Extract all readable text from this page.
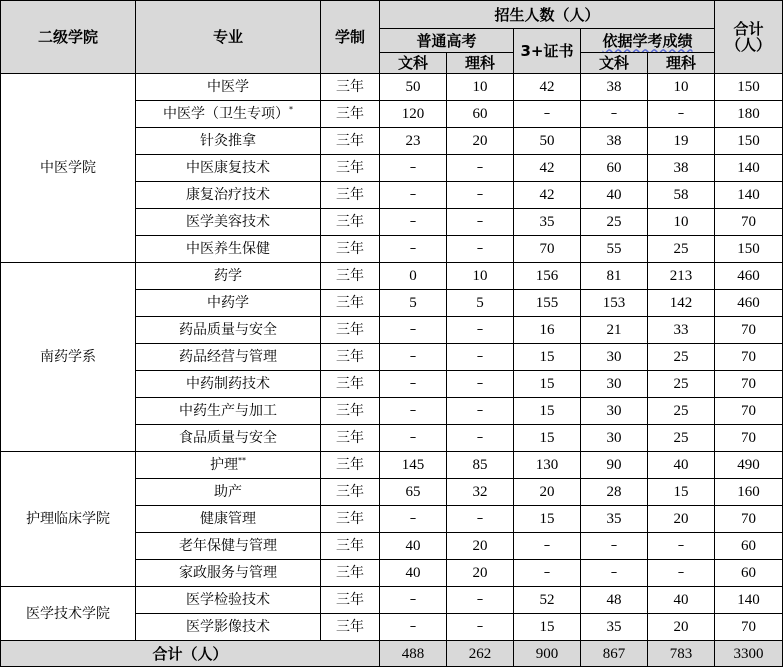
二级学院	专业	学制	招生人数（人）					合计
（人）

			普通高考		3+证书	依据学考成绩		
			文科	理科		文科	理科	
中医学院	中医学	三年	50	10	42	38	10	150
	中医学（卫生专项）*	三年	120	60	–	–	–	180
	针灸推拿	三年	23	20	50	38	19	150
	中医康复技术	三年	–	–	42	60	38	140
	康复治疗技术	三年	–	–	42	40	58	140
	医学美容技术	三年	–	–	35	25	10	70
	中医养生保健	三年	–	–	70	55	25	150
南药学系	药学	三年	0	10	156	81	213	460
	中药学	三年	5	5	155	153	142	460
	药品质量与安全	三年	–	–	16	21	33	70
	药品经营与管理	三年	–	–	15	30	25	70
	中药制药技术	三年	–	–	15	30	25	70
	中药生产与加工	三年	–	–	15	30	25	70
	食品质量与安全	三年	–	–	15	30	25	70
护理临床学院	护理**	三年	145	85	130	90	40	490
	助产	三年	65	32	20	28	15	160
	健康管理	三年	–	–	15	35	20	70
	老年保健与管理	三年	40	20	–	–	–	60
	家政服务与管理	三年	40	20	–	–	–	60
医学技术学院	医学检验技术	三年	–	–	52	48	40	140
	医学影像技术	三年	–	–	15	35	20	70
合计（人）			488	262	900	867	783	3300
